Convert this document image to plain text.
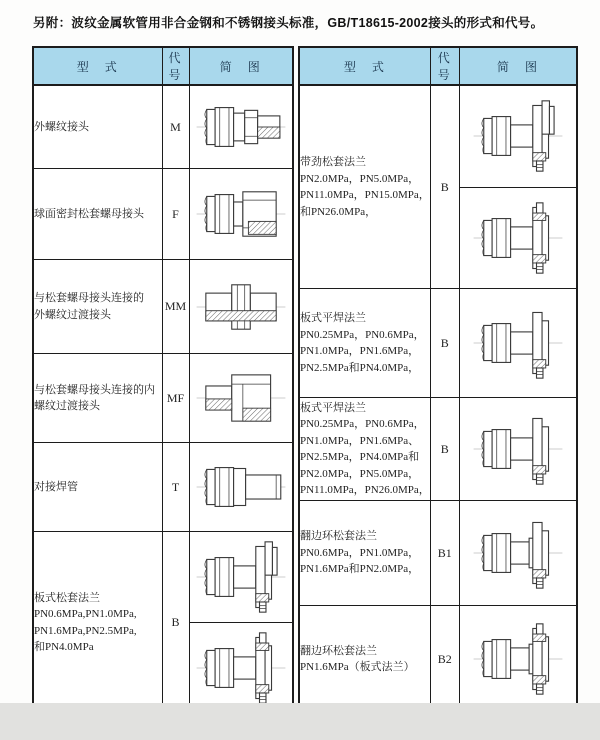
另附：波纹金属软管用非合金钢和不锈钢接头标准，GB/T18615-2002接头的形式和代号。
型　式	代号	简　图

外螺纹接头	M	

球面密封松套螺母接头	F	

与松套螺母接头连接的
外螺纹过渡接头	MM	

与松套螺母接头连接的内
螺纹过渡接头	MF	

对接焊管	T	

板式松套法兰
PN0.6MPa,PN1.0MPa,
PN1.6MPa,PN2.5MPa,
和PN4.0MPa	B	
型　式	代号	简　图

带劲松套法兰
PN2.0MPa，PN5.0MPa，
PN11.0MPa，PN15.0MPa，
和PN26.0MPa，	B	

板式平焊法兰
PN0.25MPa，PN0.6MPa，
PN1.0MPa，PN1.6MPa，
PN2.5MPa和PN4.0MPa，	B	

板式平焊法兰
PN0.25MPa，PN0.6MPa，
PN1.0MPa，PN1.6MPa、
PN2.5MPa，PN4.0MPa和
PN2.0MPa，PN5.0MPa，
PN11.0MPa，PN26.0MPa，
	B	

翻边环松套法兰
PN0.6MPa，PN1.0MPa，
PN1.6MPa和PN2.0MPa，	B1	

翻边环松套法兰
PN1.6MPa（板式法兰）	B2	
